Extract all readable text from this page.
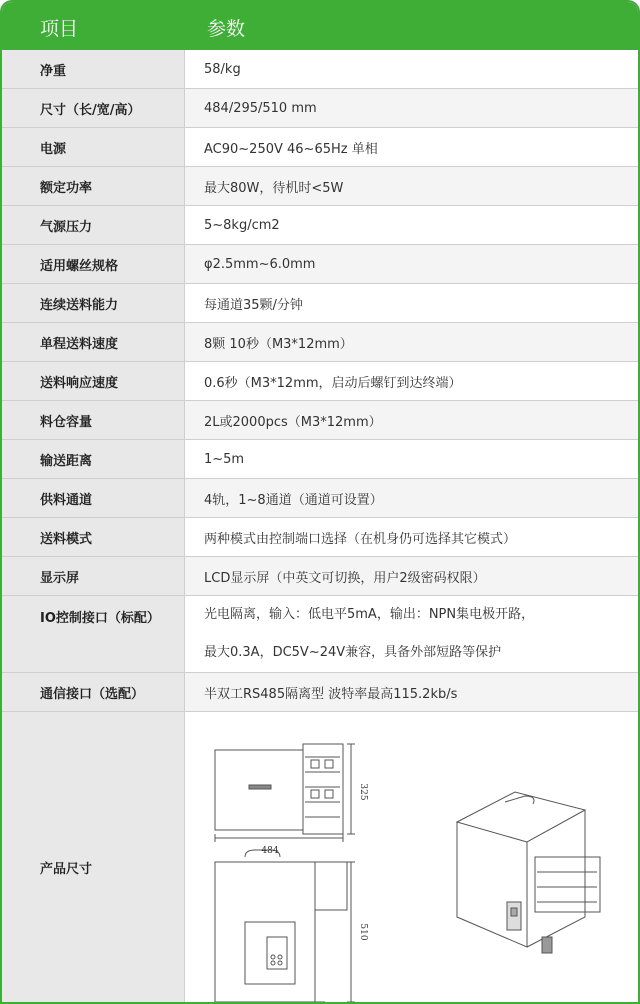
项目	参数
净重	58/kg
尺寸（长/宽/高）	484/295/510 mm
电源	AC90~250V 46~65Hz 单相
额定功率	最大80W，待机时<5W
气源压力	5~8kg/cm2
适用螺丝规格	φ2.5mm~6.0mm
连续送料能力	每通道35颗/分钟
单程送料速度	8颗 10秒（M3*12mm）
送料响应速度	0.6秒（M3*12mm，启动后螺钉到达终端）
料仓容量	2L或2000pcs（M3*12mm）
输送距离	1~5m
供料通道	4轨，1~8通道（通道可设置）
送料模式	两种模式由控制端口选择（在机身仍可选择其它模式）
显示屏	LCD显示屏（中英文可切换，用户2级密码权限）
IO控制接口（标配）	光电隔离，输入：低电平5mA，输出：NPN集电极开路，
最大0.3A，DC5V~24V兼容，具备外部短路等保护
通信接口（选配）	半双工RS485隔离型 波特率最高115.2kb/s
产品尺寸
484
325
510
